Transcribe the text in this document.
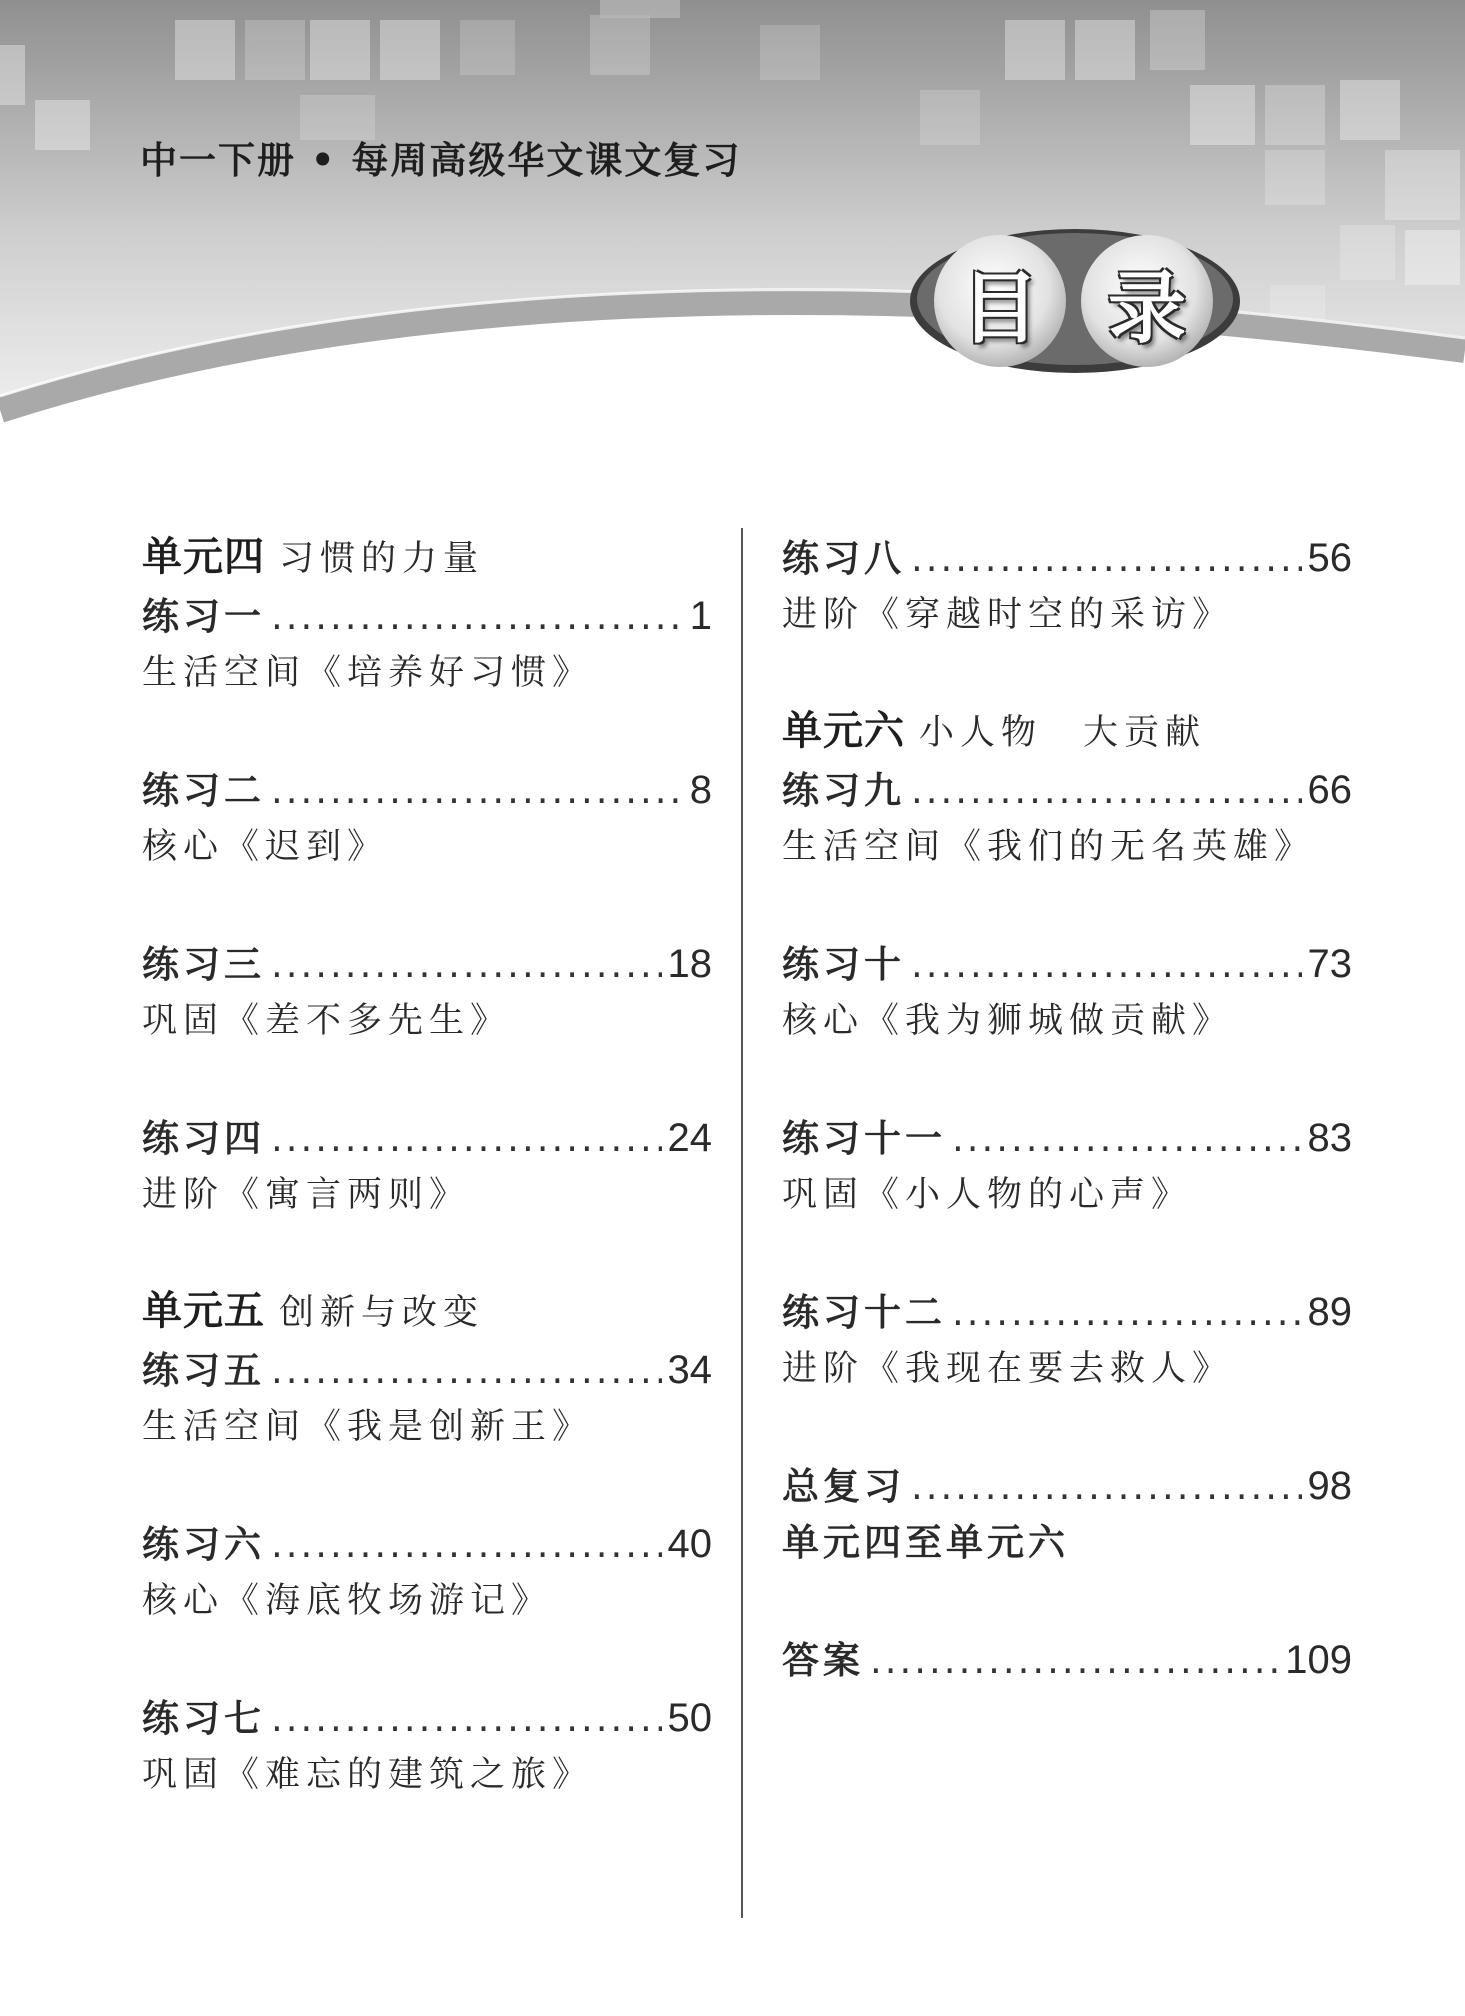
中一下册 • 每周高级华文课文复习
目 录
单元四 习惯的力量
练习一 .....	1
生活空间《培养好习惯》
练习二 .....	8
核心《迟到》
练习三 .....	18
巩固《差不多先生》
练习四 .....	24
进阶《寓言两则》
单元五 创新与改变
练习五 .....	34
生活空间《我是创新王》
练习六 .....	40
核心《海底牧场游记》
练习七 .....	50
巩固《难忘的建筑之旅》
练习八 .....	56
进阶《穿越时空的采访》
单元六 小人物　大贡献
练习九 .....	66
生活空间《我们的无名英雄》
练习十 .....	73
核心《我为狮城做贡献》
练习十一 .....	83
巩固《小人物的心声》
练习十二 .....	89
进阶《我现在要去救人》
总复习 .....	98
单元四至单元六
答案 .....	109
